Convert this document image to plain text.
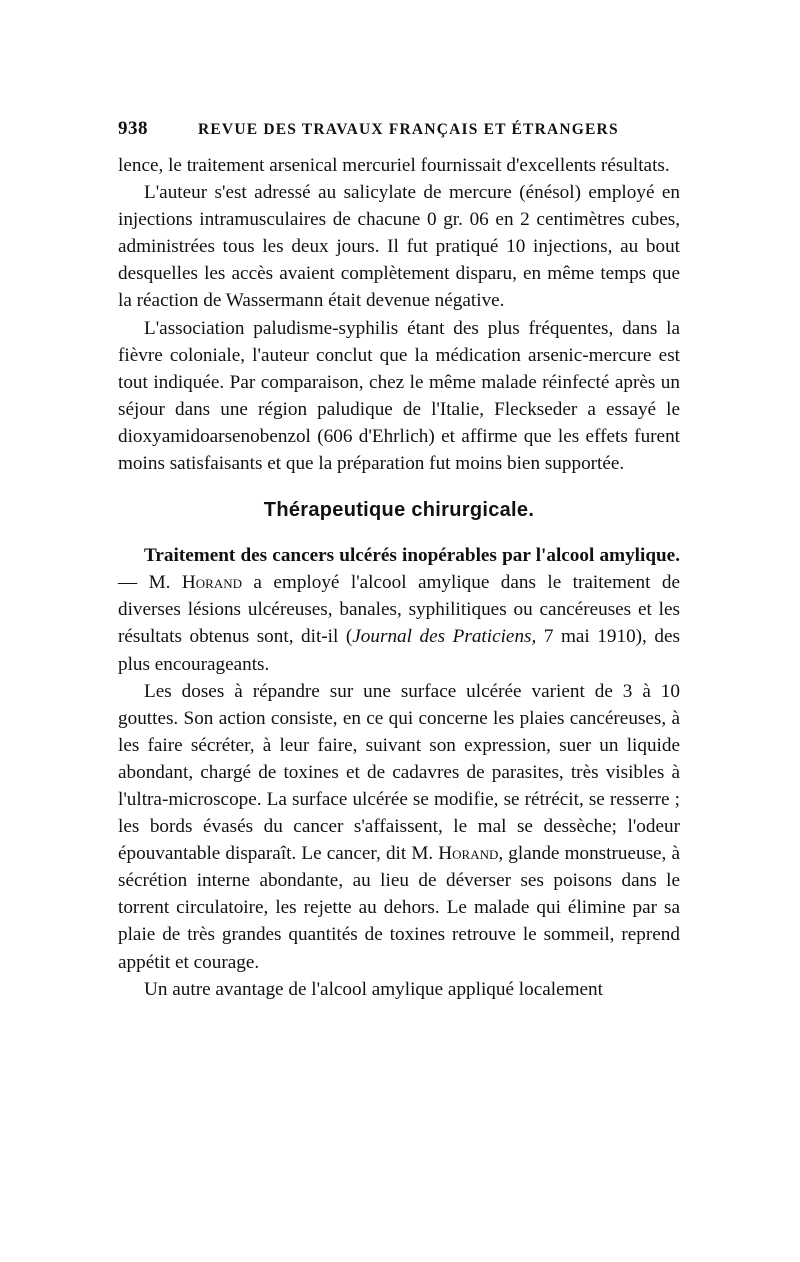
938	REVUE DES TRAVAUX FRANÇAIS ET ÉTRANGERS

lence, le traitement arsenical mercuriel fournissait d'excellents résultats.

L'auteur s'est adressé au salicylate de mercure (énésol) employé en injections intramusculaires de chacune 0 gr. 06 en 2 centimètres cubes, administrées tous les deux jours. Il fut pratiqué 10 injections, au bout desquelles les accès avaient complètement disparu, en même temps que la réaction de Wassermann était devenue négative.

L'association paludisme-syphilis étant des plus fréquentes, dans la fièvre coloniale, l'auteur conclut que la médication arsenic-mercure est tout indiquée. Par comparaison, chez le même malade réinfecté après un séjour dans une région paludique de l'Italie, Fleckseder a essayé le dioxyamidoarsenobenzol (606 d'Ehrlich) et affirme que les effets furent moins satisfaisants et que la préparation fut moins bien supportée.

Thérapeutique chirurgicale.

Traitement des cancers ulcérés inopérables par l'alcool amylique. — M. Horand a employé l'alcool amylique dans le traitement de diverses lésions ulcéreuses, banales, syphilitiques ou cancéreuses et les résultats obtenus sont, dit-il (Journal des Praticiens, 7 mai 1910), des plus encourageants.

Les doses à répandre sur une surface ulcérée varient de 3 à 10 gouttes. Son action consiste, en ce qui concerne les plaies cancéreuses, à les faire sécréter, à leur faire, suivant son expression, suer un liquide abondant, chargé de toxines et de cadavres de parasites, très visibles à l'ultra-microscope. La surface ulcérée se modifie, se rétrécit, se resserre ; les bords évasés du cancer s'affaissent, le mal se dessèche; l'odeur épouvantable disparaît. Le cancer, dit M. Horand, glande monstrueuse, à sécrétion interne abondante, au lieu de déverser ses poisons dans le torrent circulatoire, les rejette au dehors. Le malade qui élimine par sa plaie de très grandes quantités de toxines retrouve le sommeil, reprend appétit et courage.

Un autre avantage de l'alcool amylique appliqué localement
